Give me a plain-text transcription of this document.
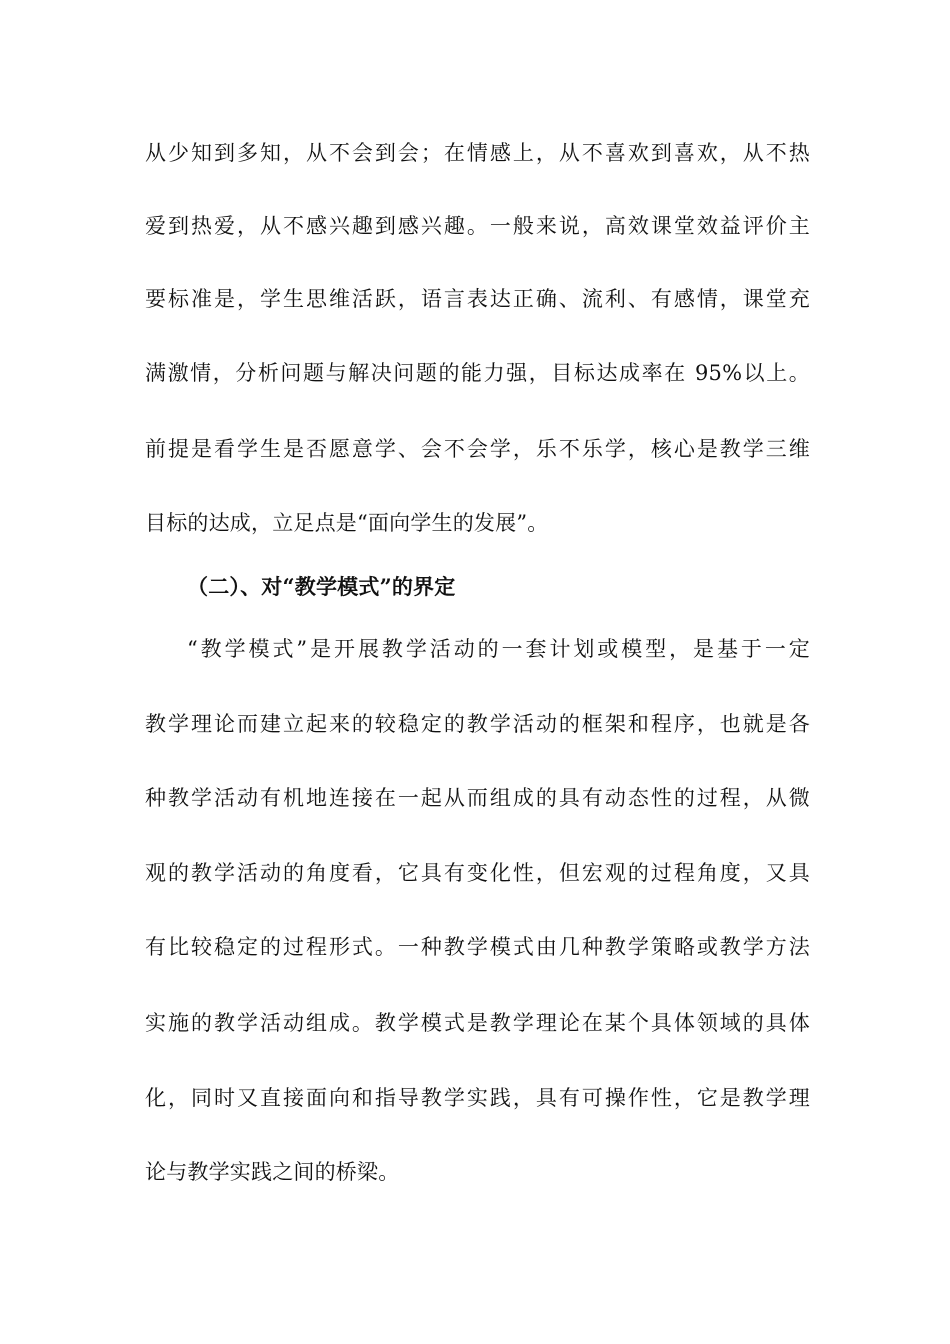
从少知到多知，从不会到会；在情感上，从不喜欢到喜欢，从不热
爱到热爱，从不感兴趣到感兴趣。一般来说，高效课堂效益评价主
要标准是，学生思维活跃，语言表达正确、流利、有感情，课堂充
满激情，分析问题与解决问题的能力强，目标达成率在 95%以上。
前提是看学生是否愿意学、会不会学，乐不乐学，核心是教学三维
目标的达成，立足点是“面向学生的发展”。
（二）、对“教学模式”的界定
“教学模式”是开展教学活动的一套计划或模型，是基于一定
教学理论而建立起来的较稳定的教学活动的框架和程序，也就是各
种教学活动有机地连接在一起从而组成的具有动态性的过程，从微
观的教学活动的角度看，它具有变化性，但宏观的过程角度，又具
有比较稳定的过程形式。一种教学模式由几种教学策略或教学方法
实施的教学活动组成。教学模式是教学理论在某个具体领域的具体
化，同时又直接面向和指导教学实践，具有可操作性，它是教学理
论与教学实践之间的桥梁。
